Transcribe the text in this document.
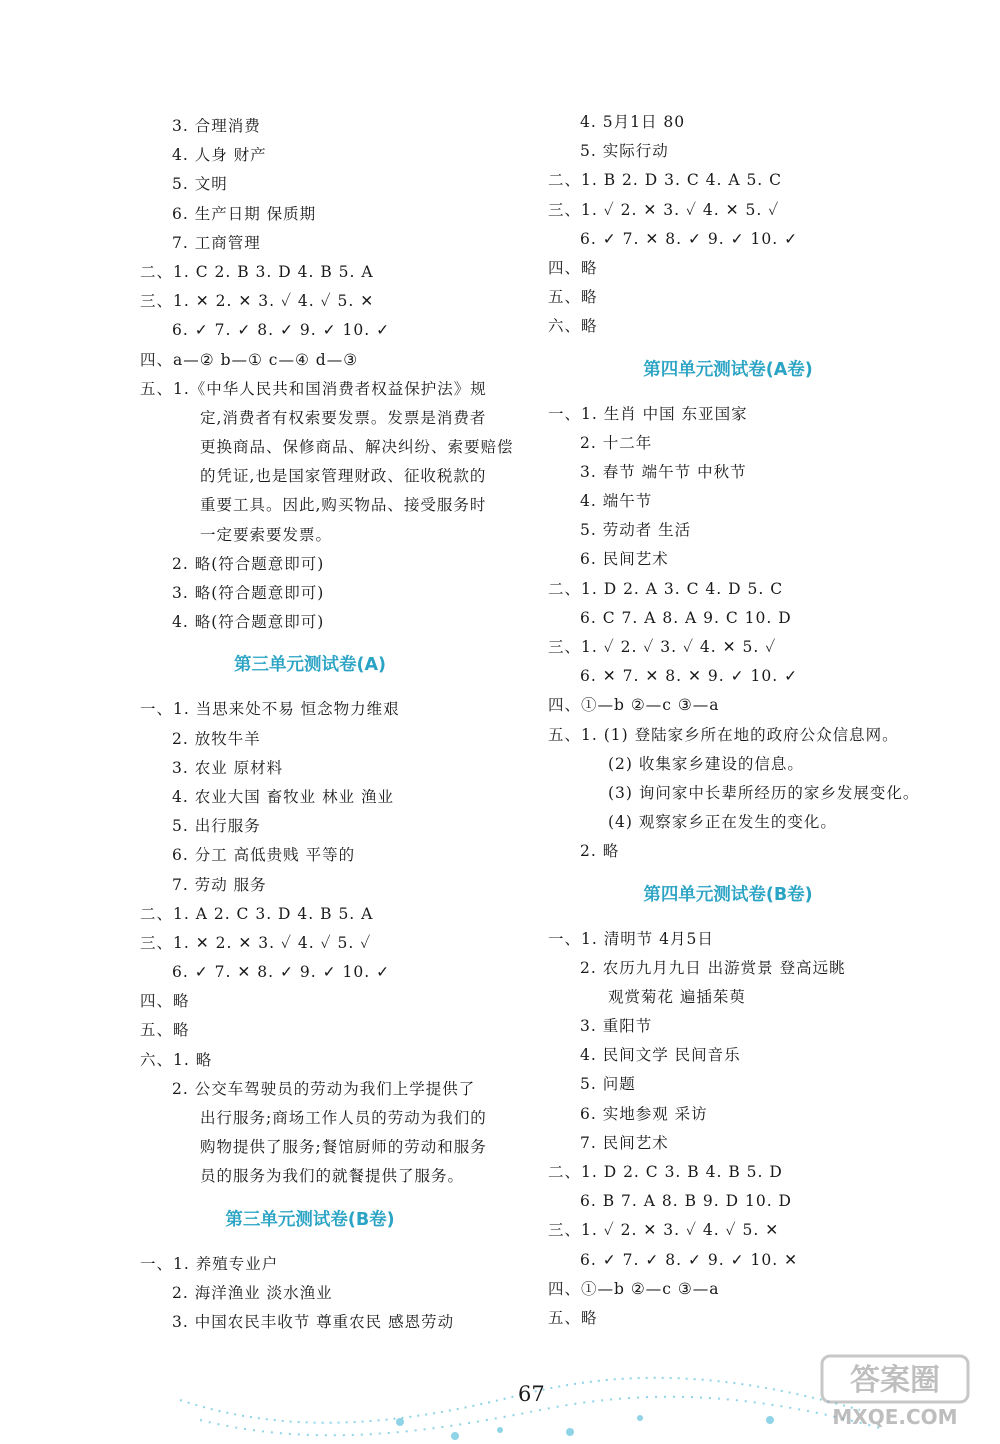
3. 合理消费
4. 人身 财产
5. 文明
6. 生产日期 保质期
7. 工商管理
二、1. C 2. B 3. D 4. B 5. A
三、1. ✕ 2. ✕ 3. ✓ 4. ✓ 5. ✕
6. ✓ 7. ✓ 8. ✓ 9. ✓ 10. ✓
四、a—② b—① c—④ d—③
五、1.《中华人民共和国消费者权益保护法》规
定,消费者有权索要发票。发票是消费者
更换商品、保修商品、解决纠纷、索要赔偿
的凭证,也是国家管理财政、征收税款的
重要工具。因此,购买物品、接受服务时
一定要索要发票。
2. 略(符合题意即可)
3. 略(符合题意即可)
4. 略(符合题意即可)
第三单元测试卷(A)
一、1. 当思来处不易 恒念物力维艰
2. 放牧牛羊
3. 农业 原材料
4. 农业大国 畜牧业 林业 渔业
5. 出行服务
6. 分工 高低贵贱 平等的
7. 劳动 服务
二、1. A 2. C 3. D 4. B 5. A
三、1. ✕ 2. ✕ 3. ✓ 4. ✓ 5. ✓
6. ✓ 7. ✕ 8. ✓ 9. ✓ 10. ✓
四、略
五、略
六、1. 略
2. 公交车驾驶员的劳动为我们上学提供了
出行服务;商场工作人员的劳动为我们的
购物提供了服务;餐馆厨师的劳动和服务
员的服务为我们的就餐提供了服务。
第三单元测试卷(B卷)
一、1. 养殖专业户
2. 海洋渔业 淡水渔业
3. 中国农民丰收节 尊重农民 感恩劳动
4. 5月1日 80
5. 实际行动
二、1. B 2. D 3. C 4. A 5. C
三、1. ✓ 2. ✕ 3. ✓ 4. ✕ 5. ✓
6. ✓ 7. ✕ 8. ✓ 9. ✓ 10. ✓
四、略
五、略
六、略
第四单元测试卷(A卷)
一、1. 生肖 中国 东亚国家
2. 十二年
3. 春节 端午节 中秋节
4. 端午节
5. 劳动者 生活
6. 民间艺术
二、1. D 2. A 3. C 4. D 5. C
6. C 7. A 8. A 9. C 10. D
三、1. ✓ 2. ✓ 3. ✓ 4. ✕ 5. ✓
6. ✕ 7. ✕ 8. ✕ 9. ✓ 10. ✓
四、①—b ②—c ③—a
五、1. (1) 登陆家乡所在地的政府公众信息网。
(2) 收集家乡建设的信息。
(3) 询问家中长辈所经历的家乡发展变化。
(4) 观察家乡正在发生的变化。
2. 略
第四单元测试卷(B卷)
一、1. 清明节 4月5日
2. 农历九月九日 出游赏景 登高远眺
观赏菊花 遍插茱萸
3. 重阳节
4. 民间文学 民间音乐
5. 问题
6. 实地参观 采访
7. 民间艺术
二、1. D 2. C 3. B 4. B 5. D
6. B 7. A 8. B 9. D 10. D
三、1. ✓ 2. ✕ 3. ✓ 4. ✓ 5. ✕
6. ✓ 7. ✓ 8. ✓ 9. ✓ 10. ✕
四、①—b ②—c ③—a
五、略
67	答案圈
MXQE.COM
